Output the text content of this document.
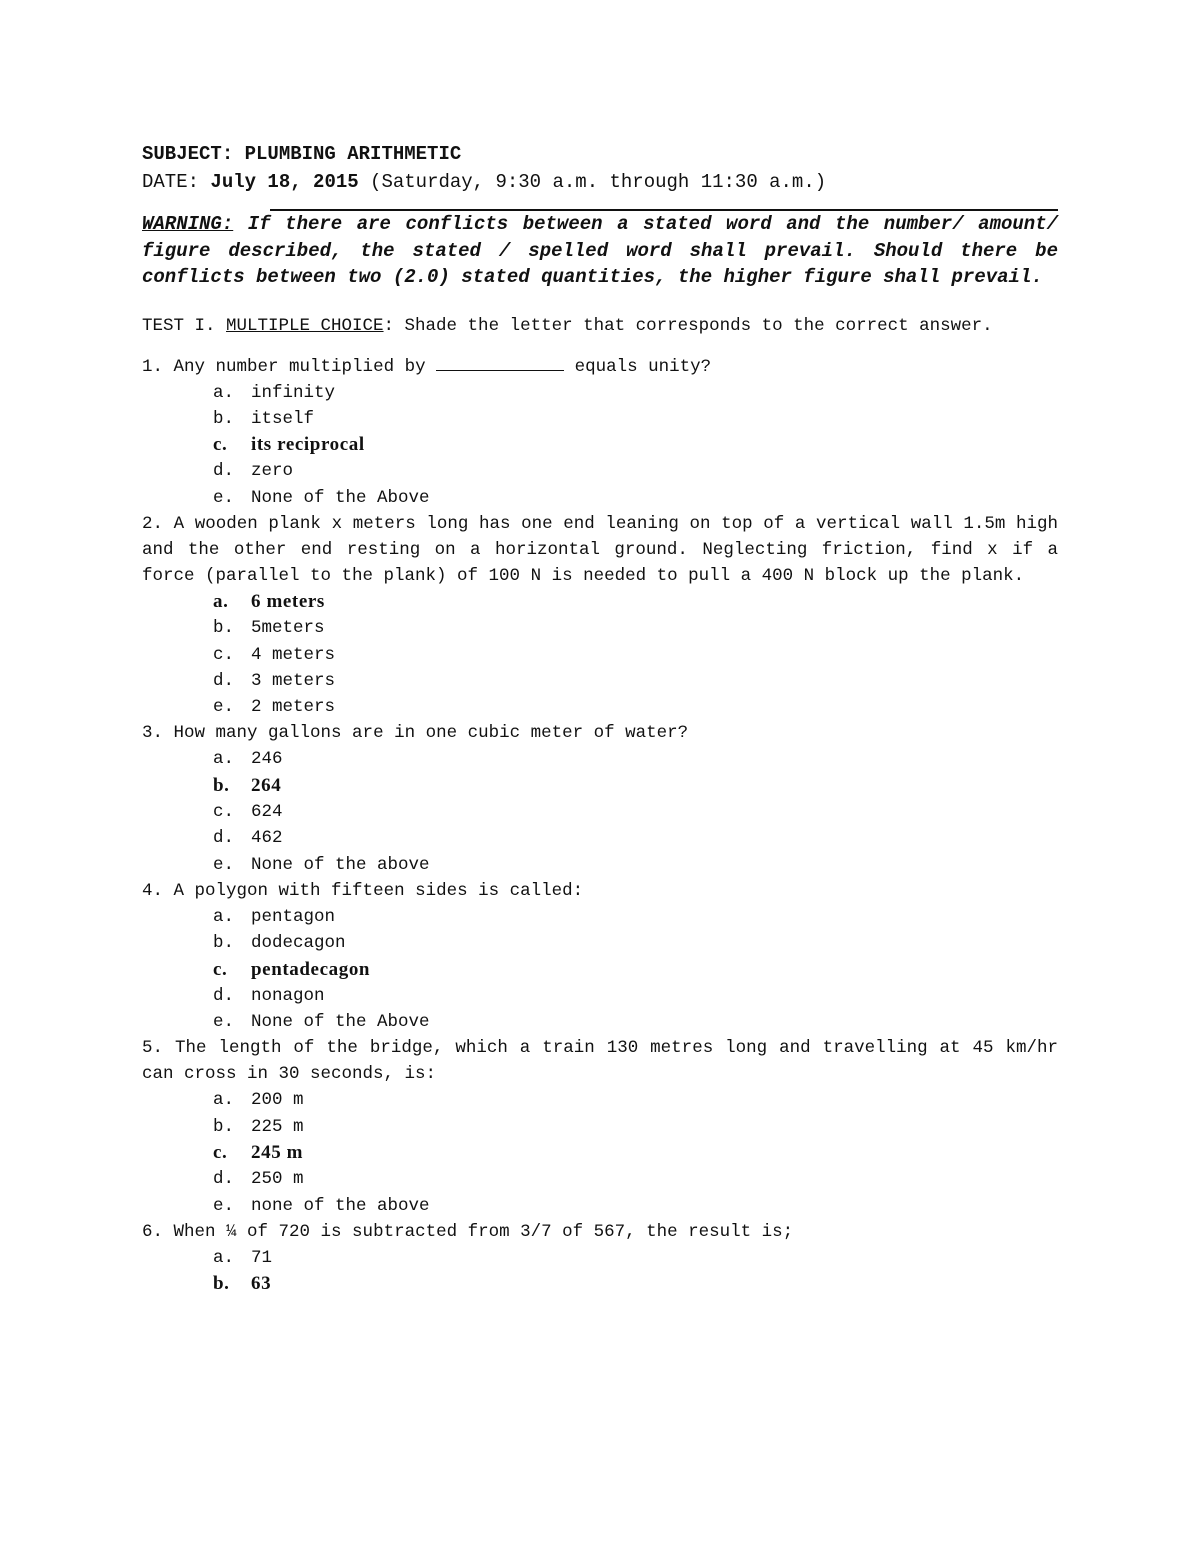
SUBJECT: PLUMBING ARITHMETIC

DATE: July 18, 2015 (Saturday, 9:30 a.m. through 11:30 a.m.)

WARNING: If there are conflicts between a stated word and the number/ amount/ figure described, the stated / spelled word shall prevail. Should there be conflicts between two (2.0) stated quantities, the higher figure shall prevail.

TEST I. MULTIPLE CHOICE: Shade the letter that corresponds to the correct answer.

1. Any number multiplied by	equals unity?

a. infinity
b. itself
c. its reciprocal
d. zero
e. None of the Above

2. A wooden plank x meters long has one end leaning on top of a vertical wall 1.5m high and the other end resting on a horizontal ground. Neglecting friction, find x if a force (parallel to the plank) of 100 N is needed to pull a 400 N block up the plank.

a. 6 meters
b. 5meters
c. 4 meters
d. 3 meters
e. 2 meters

3. How many gallons are in one cubic meter of water?

a. 246
b. 264
c. 624
d. 462
e. None of the above

4. A polygon with fifteen sides is called:

a. pentagon
b. dodecagon
c. pentadecagon
d. nonagon
e. None of the Above

5. The length of the bridge, which a train 130 metres long and travelling at 45 km/hr can cross in 30 seconds, is:

a. 200 m
b. 225 m
c. 245 m
d. 250 m
e. none of the above

6. When ¼ of 720 is subtracted from 3/7 of 567, the result is;

a. 71
b. 63
